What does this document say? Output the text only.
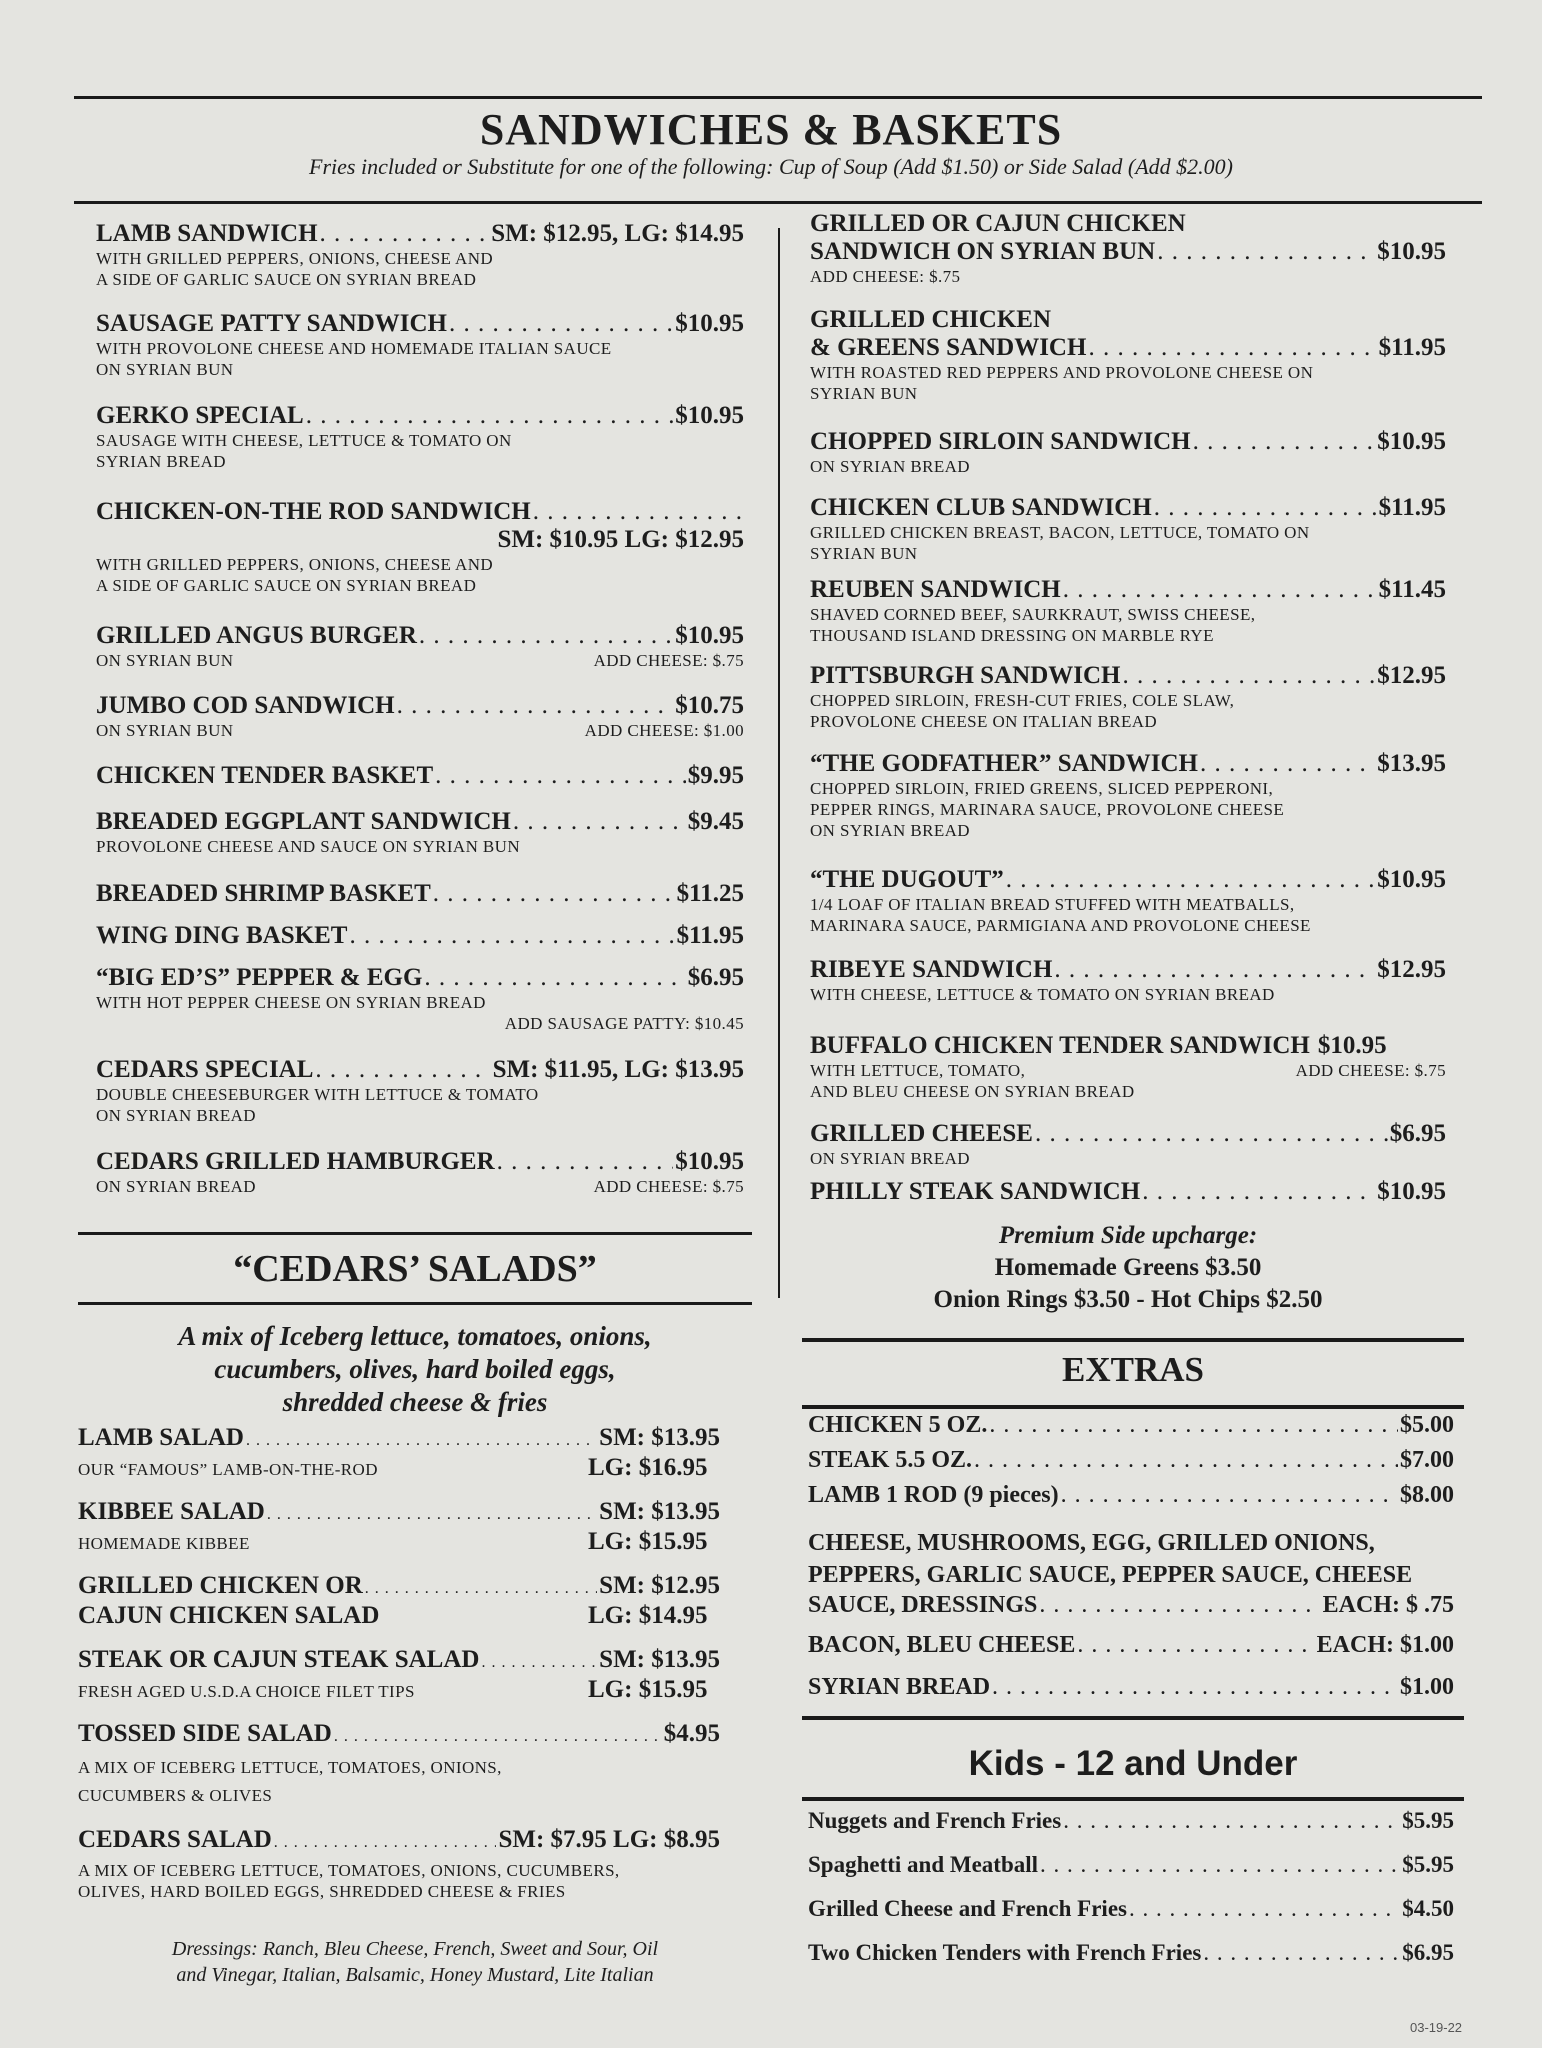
SANDWICHES & BASKETS
Fries included or Substitute for one of the following: Cup of Soup (Add $1.50) or Side Salad (Add $2.00)
LAMB SANDWICH . . .	SM: $12.95, LG: $14.95
WITH GRILLED PEPPERS, ONIONS, CHEESE AND
A SIDE OF GARLIC SAUCE ON SYRIAN BREAD
SAUSAGE PATTY SANDWICH . . .	$10.95
WITH PROVOLONE CHEESE AND HOMEMADE ITALIAN SAUCE
ON SYRIAN BUN
GERKO SPECIAL . . .	$10.95
SAUSAGE WITH CHEESE, LETTUCE & TOMATO ON
SYRIAN BREAD
CHICKEN-ON-THE ROD SANDWICH
. . .
SM: $10.95 LG: $12.95
WITH GRILLED PEPPERS, ONIONS, CHEESE AND
A SIDE OF GARLIC SAUCE ON SYRIAN BREAD
GRILLED ANGUS BURGER . . .	$10.95
ON SYRIAN BUN	ADD CHEESE: $.75
JUMBO COD SANDWICH . . .	$10.75
ON SYRIAN BUN	ADD CHEESE: $1.00
CHICKEN TENDER BASKET . . .	$9.95
BREADED EGGPLANT SANDWICH . . .	$9.45
PROVOLONE CHEESE AND SAUCE ON SYRIAN BUN
BREADED SHRIMP BASKET . . .	$11.25
WING DING BASKET . . .	$11.95
“BIG ED’S” PEPPER & EGG . . .	$6.95
WITH HOT PEPPER CHEESE ON SYRIAN BREAD
ADD SAUSAGE PATTY: $10.45
CEDARS SPECIAL . . .	SM: $11.95, LG: $13.95
DOUBLE CHEESEBURGER WITH LETTUCE & TOMATO
ON SYRIAN BREAD
CEDARS GRILLED HAMBURGER . . .	$10.95
ON SYRIAN BREAD	ADD CHEESE: $.75
GRILLED OR CAJUN CHICKEN
SANDWICH ON SYRIAN BUN . . .	$10.95
ADD CHEESE: $.75
GRILLED CHICKEN
& GREENS SANDWICH . . .	$11.95
WITH ROASTED RED PEPPERS AND PROVOLONE CHEESE ON
SYRIAN BUN
CHOPPED SIRLOIN SANDWICH . . .	$10.95
ON SYRIAN BREAD
CHICKEN CLUB SANDWICH . . .	$11.95
GRILLED CHICKEN BREAST, BACON, LETTUCE, TOMATO ON
SYRIAN BUN
REUBEN SANDWICH . . .	$11.45
SHAVED CORNED BEEF, SAURKRAUT, SWISS CHEESE,
THOUSAND ISLAND DRESSING ON MARBLE RYE
PITTSBURGH SANDWICH . . .	$12.95
CHOPPED SIRLOIN, FRESH-CUT FRIES, COLE SLAW,
PROVOLONE CHEESE ON ITALIAN BREAD
“THE GODFATHER” SANDWICH . . .	$13.95
CHOPPED SIRLOIN, FRIED GREENS, SLICED PEPPERONI,
PEPPER RINGS, MARINARA SAUCE, PROVOLONE CHEESE
ON SYRIAN BREAD
“THE DUGOUT” . . .	$10.95
1/4 LOAF OF ITALIAN BREAD STUFFED WITH MEATBALLS,
MARINARA SAUCE, PARMIGIANA AND PROVOLONE CHEESE
RIBEYE SANDWICH . . .	$12.95
WITH CHEESE, LETTUCE & TOMATO ON SYRIAN BREAD
BUFFALO CHICKEN TENDER SANDWICH $10.95
WITH LETTUCE, TOMATO,	ADD CHEESE: $.75
AND BLEU CHEESE ON SYRIAN BREAD
GRILLED CHEESE . . .	$6.95
ON SYRIAN BREAD
PHILLY STEAK SANDWICH . . .	$10.95
Premium Side upcharge:
Homemade Greens $3.50
Onion Rings $3.50 - Hot Chips $2.50
“CEDARS’ SALADS”
A mix of Iceberg lettuce, tomatoes, onions,
cucumbers, olives, hard boiled eggs,
shredded cheese & fries
LAMB SALAD . . .	SM: $13.95
OUR “FAMOUS” LAMB-ON-THE-ROD	LG: $16.95
KIBBEE SALAD . . .	SM: $13.95
HOMEMADE KIBBEE	LG: $15.95
GRILLED CHICKEN OR . . .	SM: $12.95
CAJUN CHICKEN SALAD	LG: $14.95
STEAK OR CAJUN STEAK SALAD . . .	SM: $13.95
FRESH AGED U.S.D.A CHOICE FILET TIPS	LG: $15.95
TOSSED SIDE SALAD . . .	$4.95
A MIX OF ICEBERG LETTUCE, TOMATOES, ONIONS,
CUCUMBERS & OLIVES
CEDARS SALAD . . .	SM: $7.95 LG: $8.95
A MIX OF ICEBERG LETTUCE, TOMATOES, ONIONS, CUCUMBERS,
OLIVES, HARD BOILED EGGS, SHREDDED CHEESE & FRIES
Dressings: Ranch, Bleu Cheese, French, Sweet and Sour, Oil
and Vinegar, Italian, Balsamic, Honey Mustard, Lite Italian
EXTRAS
CHICKEN 5 OZ. . . .	$5.00
STEAK 5.5 OZ. . . .	$7.00
LAMB 1 ROD (9 pieces) . . .	$8.00
CHEESE, MUSHROOMS, EGG, GRILLED ONIONS,
PEPPERS, GARLIC SAUCE, PEPPER SAUCE, CHEESE
SAUCE, DRESSINGS . . .	EACH: $ .75
BACON, BLEU CHEESE . . .	EACH: $1.00
SYRIAN BREAD . . .	$1.00
Kids - 12 and Under
Nuggets and French Fries . . .	$5.95
Spaghetti and Meatball . . .	$5.95
Grilled Cheese and French Fries . . .	$4.50
Two Chicken Tenders with French Fries . . .	$6.95
03-19-22
